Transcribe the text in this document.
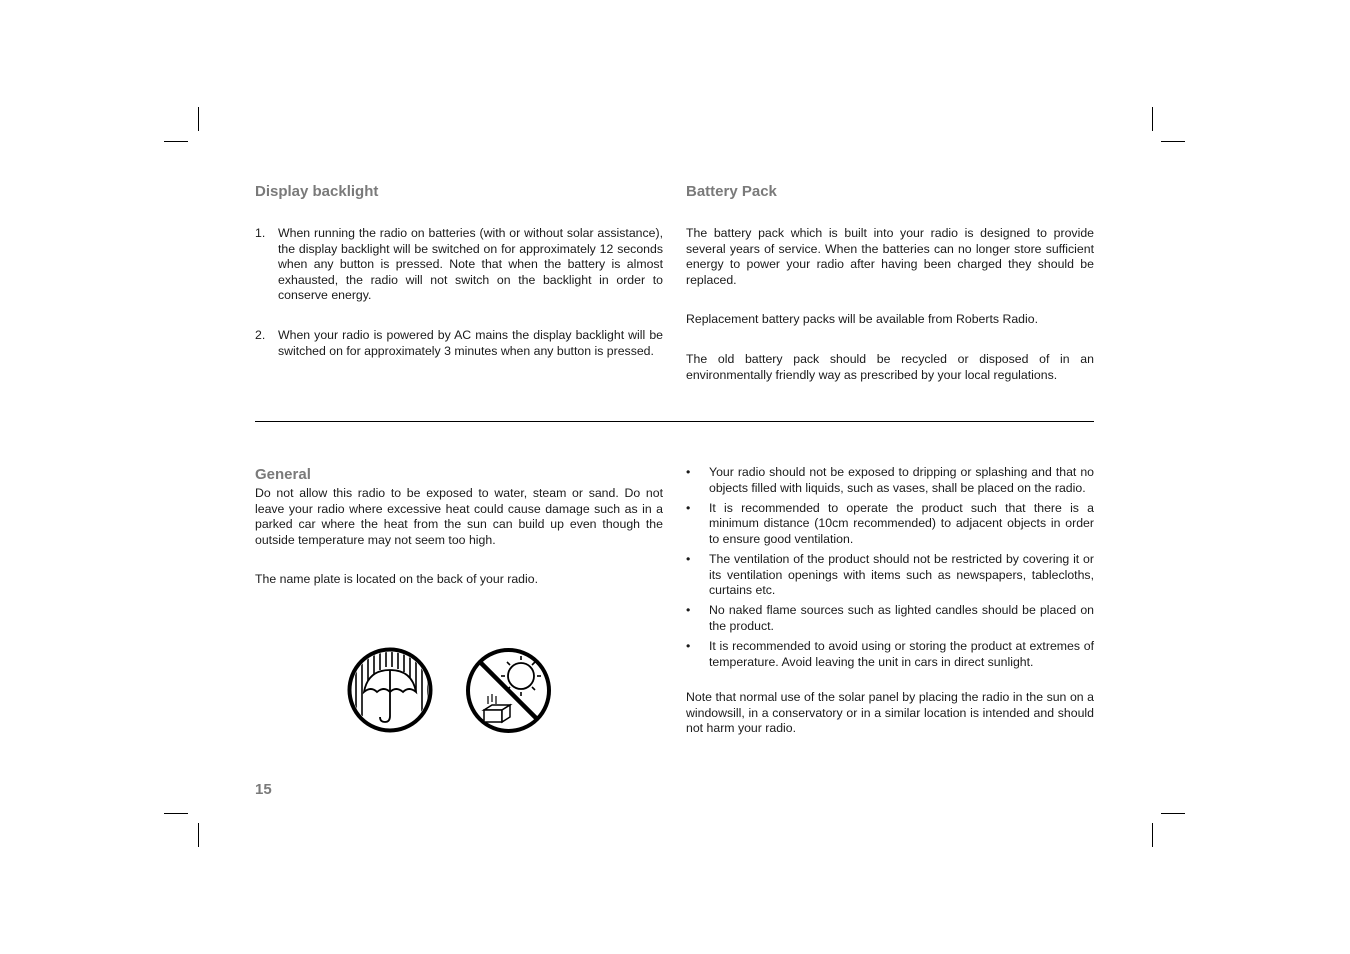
Display backlight
1. When running the radio on batteries (with or without solar assistance), the display backlight will be switched on for approximately 12 seconds when any button is pressed. Note that when the battery is almost exhausted, the radio will not switch on the backlight in order to conserve energy.
2. When your radio is powered by AC mains the display backlight will be switched on for approximately 3 minutes when any button is pressed.
Battery Pack

The battery pack which is built into your radio is designed to provide several years of service. When the batteries can no longer store sufficient energy to power your radio after having been charged they should be replaced.

Replacement battery packs will be available from Roberts Radio.

The old battery pack should be recycled or disposed of in an environmentally friendly way as prescribed by your local regulations.

General

Do not allow this radio to be exposed to water, steam or sand. Do not leave your radio where excessive heat could cause damage such as in a parked car where the heat from the sun can build up even though the outside temperature may not seem too high.

The name plate is located on the back of your radio.

• Your radio should not be exposed to dripping or splashing and that no objects filled with liquids, such as vases, shall be placed on the radio.
• It is recommended to operate the product such that there is a minimum distance (10cm recommended) to adjacent objects in order to ensure good ventilation.
• The ventilation of the product should not be restricted by covering it or its ventilation openings with items such as newspapers, tablecloths, curtains etc.
• No naked flame sources such as lighted candles should be placed on the product.
• It is recommended to avoid using or storing the product at extremes of temperature. Avoid leaving the unit in cars in direct sunlight.

Note that normal use of the solar panel by placing the radio in the sun on a windowsill, in a conservatory or in a similar location is intended and should not harm your radio.

15
